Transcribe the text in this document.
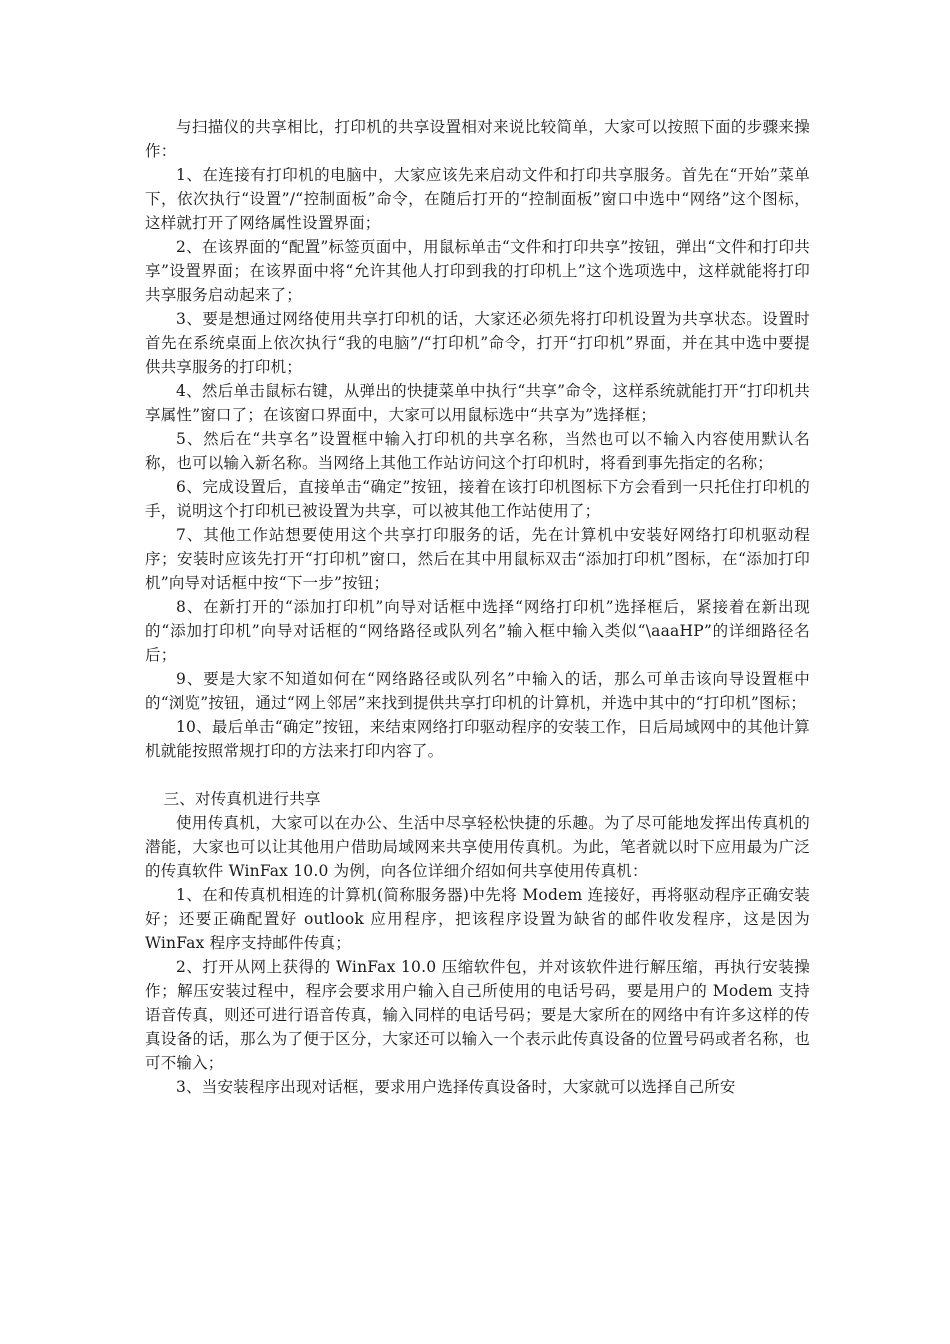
与扫描仪的共享相比，打印机的共享设置相对来说比较简单，大家可以按照下面的步骤来操作：

1、在连接有打印机的电脑中，大家应该先来启动文件和打印共享服务。首先在“开始”菜单下，依次执行“设置”/“控制面板”命令，在随后打开的“控制面板”窗口中选中“网络”这个图标，这样就打开了网络属性设置界面；

2、在该界面的“配置”标签页面中，用鼠标单击“文件和打印共享”按钮，弹出“文件和打印共享”设置界面；在该界面中将“允许其他人打印到我的打印机上”这个选项选中，这样就能将打印共享服务启动起来了；

3、要是想通过网络使用共享打印机的话，大家还必须先将打印机设置为共享状态。设置时首先在系统桌面上依次执行“我的电脑”/“打印机”命令，打开“打印机”界面，并在其中选中要提供共享服务的打印机；

4、然后单击鼠标右键，从弹出的快捷菜单中执行“共享”命令，这样系统就能打开“打印机共享属性”窗口了；在该窗口界面中，大家可以用鼠标选中“共享为”选择框；

5、然后在“共享名”设置框中输入打印机的共享名称，当然也可以不输入内容使用默认名称，也可以输入新名称。当网络上其他工作站访问这个打印机时，将看到事先指定的名称；

6、完成设置后，直接单击“确定”按钮，接着在该打印机图标下方会看到一只托住打印机的手，说明这个打印机已被设置为共享，可以被其他工作站使用了；

7、其他工作站想要使用这个共享打印服务的话，先在计算机中安装好网络打印机驱动程序；安装时应该先打开“打印机”窗口，然后在其中用鼠标双击“添加打印机”图标，在“添加打印机”向导对话框中按“下一步”按钮；

8、在新打开的“添加打印机”向导对话框中选择“网络打印机”选择框后，紧接着在新出现的“添加打印机”向导对话框的“网络路径或队列名”输入框中输入类似“\aaaHP”的详细路径名后；

9、要是大家不知道如何在“网络路径或队列名”中输入的话，那么可单击该向导设置框中的“浏览”按钮，通过“网上邻居”来找到提供共享打印机的计算机，并选中其中的“打印机”图标；

10、最后单击“确定”按钮，来结束网络打印驱动程序的安装工作，日后局域网中的其他计算机就能按照常规打印的方法来打印内容了。

三、对传真机进行共享

使用传真机，大家可以在办公、生活中尽享轻松快捷的乐趣。为了尽可能地发挥出传真机的潜能，大家也可以让其他用户借助局域网来共享使用传真机。为此，笔者就以时下应用最为广泛的传真软件 WinFax 10.0 为例，向各位详细介绍如何共享使用传真机：

1、在和传真机相连的计算机(简称服务器)中先将 Modem 连接好，再将驱动程序正确安装好；还要正确配置好 outlook 应用程序，把该程序设置为缺省的邮件收发程序，这是因为 WinFax 程序支持邮件传真；

2、打开从网上获得的 WinFax 10.0 压缩软件包，并对该软件进行解压缩，再执行安装操作；解压安装过程中，程序会要求用户输入自己所使用的电话号码，要是用户的 Modem 支持语音传真，则还可进行语音传真，输入同样的电话号码；要是大家所在的网络中有许多这样的传真设备的话，那么为了便于区分，大家还可以输入一个表示此传真设备的位置号码或者名称，也可不输入；

3、当安装程序出现对话框，要求用户选择传真设备时，大家就可以选择自己所安
